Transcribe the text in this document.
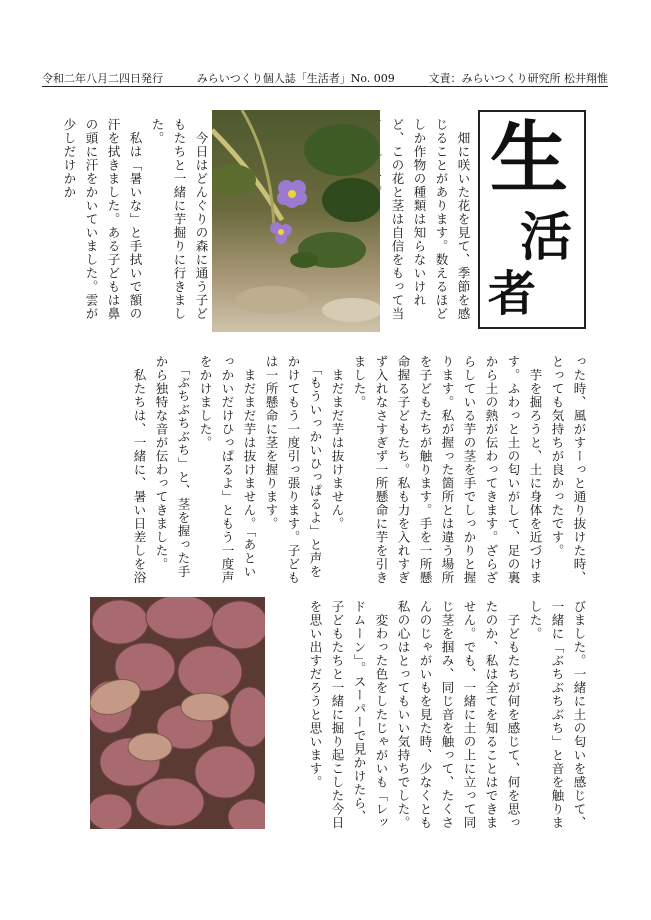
令和二年八月二四日発行	みらいつくり個人誌「生活者」No. 009	文責：みらいつくり研究所 松井翔惟
生
活
者
　畑に咲いた花を見て、季節を感じることがあります。数えるほどしか作物の種類は知らないけれど、この花と茎は自信をもって当
　今日はどんぐりの森に通う子どもたちと一緒に芋掘りに行きました。
　私は「暑いな」と手拭いで額の汗を拭きました。ある子どもは鼻の頭に汗をかいていました。雲が少しだけかか
った時、風がすーっと通り抜けた時、とっても気持ちが良かったです。
　芋を掘ろうと、土に身体を近づけます。ふわっと土の匂いがして、足の裏から土の熱が伝わってきます。ざらざらしている芋の茎を手でしっかりと握ります。私が握った箇所とは違う場所を子どもたちが触ります。手を一所懸命握る子どもたち。私も力を入れすぎず入れなさすぎず一所懸命に芋を引きました。
　まだまだ芋は抜けません。
　「もういっかいひっぱるよ」と声をかけてもう一度引っ張ります。子どもは一所懸命に茎を握ります。
　まだまだ芋は抜けません。「あといっかいだけひっぱるよ」ともう一度声をかけました。
　「ぶちぶちぶち」と、茎を握った手から独特な音が伝わってきました。
　私たちは、一緒に、暑い日差しを浴
びました。一緒に土の匂いを感じて、一緒に「ぶちぶちぶち」と音を触りました。
　子どもたちが何を感じて、何を思ったのか、私は全てを知ることはできません。でも、一緒に土の上に立って同じ茎を掴み、同じ音を触って、たくさんのじゃがいもを見た時、少なくとも私の心はとってもいい気持ちでした。
　変わった色をしたじゃがいも「レッドムーン」。スーパーで見かけたら、子どもたちと一緒に掘り起こした今日を思い出すだろうと思います。
